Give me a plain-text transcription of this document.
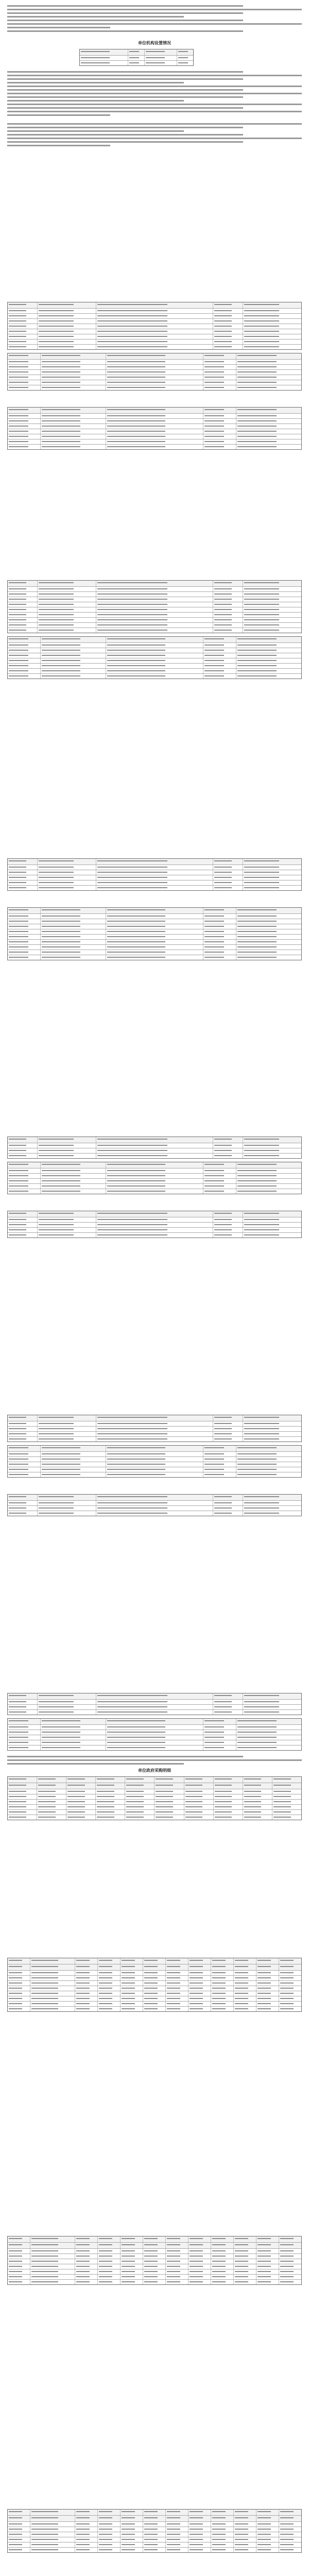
单位机构设置情况
单位政府采购明细
